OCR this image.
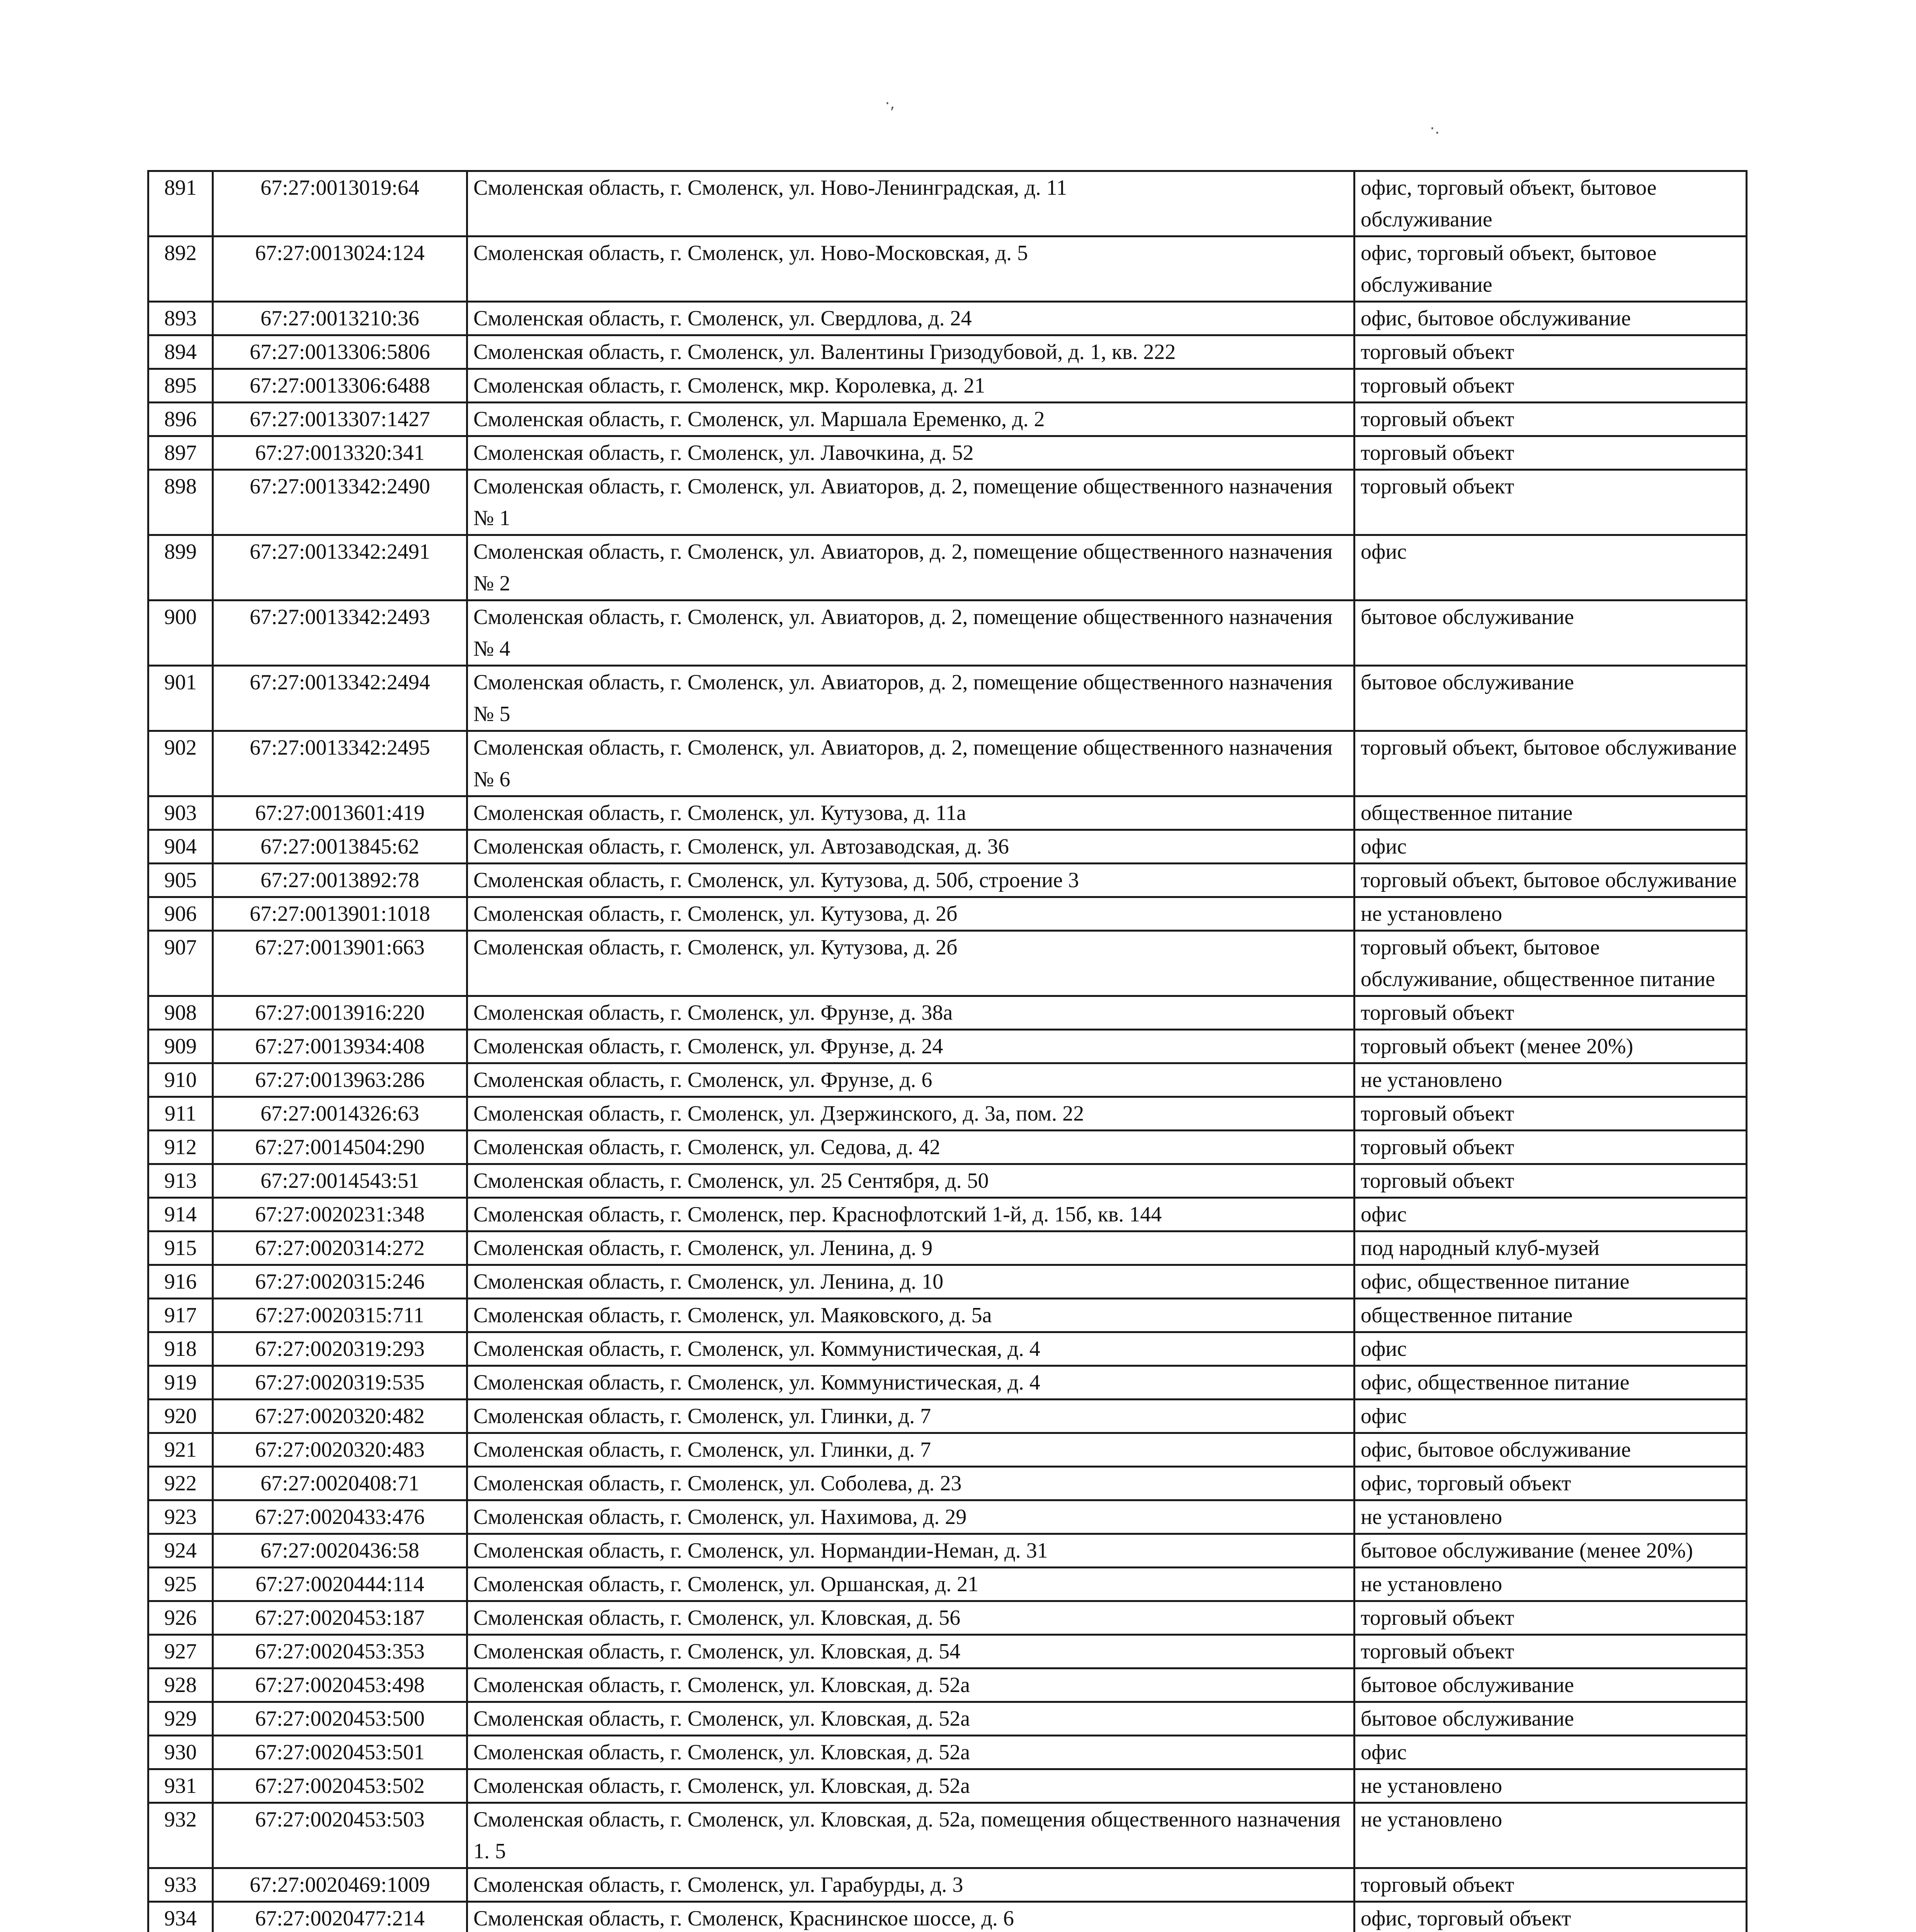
·,
·.
891	67:27:0013019:64	Смоленская область, г. Смоленск, ул. Ново-Ленинградская, д. 11	офис, торговый объект, бытовое обслуживание
892	67:27:0013024:124	Смоленская область, г. Смоленск, ул. Ново-Московская, д. 5	офис, торговый объект, бытовое обслуживание
893	67:27:0013210:36	Смоленская область, г. Смоленск, ул. Свердлова, д. 24	офис, бытовое обслуживание
894	67:27:0013306:5806	Смоленская область, г. Смоленск, ул. Валентины Гризодубовой, д. 1, кв. 222	торговый объект
895	67:27:0013306:6488	Смоленская область, г. Смоленск, мкр. Королевка, д. 21	торговый объект
896	67:27:0013307:1427	Смоленская область, г. Смоленск, ул. Маршала Еременко, д. 2	торговый объект
897	67:27:0013320:341	Смоленская область, г. Смоленск, ул. Лавочкина, д. 52	торговый объект
898	67:27:0013342:2490	Смоленская область, г. Смоленск, ул. Авиаторов, д. 2, помещение общественного назначения № 1	торговый объект
899	67:27:0013342:2491	Смоленская область, г. Смоленск, ул. Авиаторов, д. 2, помещение общественного назначения № 2	офис
900	67:27:0013342:2493	Смоленская область, г. Смоленск, ул. Авиаторов, д. 2, помещение общественного назначения № 4	бытовое обслуживание
901	67:27:0013342:2494	Смоленская область, г. Смоленск, ул. Авиаторов, д. 2, помещение общественного назначения № 5	бытовое обслуживание
902	67:27:0013342:2495	Смоленская область, г. Смоленск, ул. Авиаторов, д. 2, помещение общественного назначения № 6	торговый объект, бытовое обслуживание
903	67:27:0013601:419	Смоленская область, г. Смоленск, ул. Кутузова, д. 11а	общественное питание
904	67:27:0013845:62	Смоленская область, г. Смоленск, ул. Автозаводская, д. 36	офис
905	67:27:0013892:78	Смоленская область, г. Смоленск, ул. Кутузова, д. 50б, строение 3	торговый объект, бытовое обслуживание
906	67:27:0013901:1018	Смоленская область, г. Смоленск, ул. Кутузова, д. 2б	не установлено
907	67:27:0013901:663	Смоленская область, г. Смоленск, ул. Кутузова, д. 2б	торговый объект, бытовое обслуживание, общественное питание
908	67:27:0013916:220	Смоленская область, г. Смоленск, ул. Фрунзе, д. 38а	торговый объект
909	67:27:0013934:408	Смоленская область, г. Смоленск, ул. Фрунзе, д. 24	торговый объект (менее 20%)
910	67:27:0013963:286	Смоленская область, г. Смоленск, ул. Фрунзе, д. 6	не установлено
911	67:27:0014326:63	Смоленская область, г. Смоленск, ул. Дзержинского, д. 3а, пом. 22	торговый объект
912	67:27:0014504:290	Смоленская область, г. Смоленск, ул. Седова, д. 42	торговый объект
913	67:27:0014543:51	Смоленская область, г. Смоленск, ул. 25 Сентября, д. 50	торговый объект
914	67:27:0020231:348	Смоленская область, г. Смоленск, пер. Краснофлотский 1-й, д. 15б, кв. 144	офис
915	67:27:0020314:272	Смоленская область, г. Смоленск, ул. Ленина, д. 9	под народный клуб-музей
916	67:27:0020315:246	Смоленская область, г. Смоленск, ул. Ленина, д. 10	офис, общественное питание
917	67:27:0020315:711	Смоленская область, г. Смоленск, ул. Маяковского, д. 5а	общественное питание
918	67:27:0020319:293	Смоленская область, г. Смоленск, ул. Коммунистическая, д. 4	офис
919	67:27:0020319:535	Смоленская область, г. Смоленск, ул. Коммунистическая, д. 4	офис, общественное питание
920	67:27:0020320:482	Смоленская область, г. Смоленск, ул. Глинки, д. 7	офис
921	67:27:0020320:483	Смоленская область, г. Смоленск, ул. Глинки, д. 7	офис, бытовое обслуживание
922	67:27:0020408:71	Смоленская область, г. Смоленск, ул. Соболева, д. 23	офис, торговый объект
923	67:27:0020433:476	Смоленская область, г. Смоленск, ул. Нахимова, д. 29	не установлено
924	67:27:0020436:58	Смоленская область, г. Смоленск, ул. Нормандии-Неман, д. 31	бытовое обслуживание (менее 20%)
925	67:27:0020444:114	Смоленская область, г. Смоленск, ул. Оршанская, д. 21	не установлено
926	67:27:0020453:187	Смоленская область, г. Смоленск, ул. Кловская, д. 56	торговый объект
927	67:27:0020453:353	Смоленская область, г. Смоленск, ул. Кловская, д. 54	торговый объект
928	67:27:0020453:498	Смоленская область, г. Смоленск, ул. Кловская, д. 52а	бытовое обслуживание
929	67:27:0020453:500	Смоленская область, г. Смоленск, ул. Кловская, д. 52а	бытовое обслуживание
930	67:27:0020453:501	Смоленская область, г. Смоленск, ул. Кловская, д. 52а	офис
931	67:27:0020453:502	Смоленская область, г. Смоленск, ул. Кловская, д. 52а	не установлено
932	67:27:0020453:503	Смоленская область, г. Смоленск, ул. Кловская, д. 52а, помещения общественного назначения 1. 5	не установлено
933	67:27:0020469:1009	Смоленская область, г. Смоленск, ул. Гарабурды, д. 3	торговый объект
934	67:27:0020477:214	Смоленская область, г. Смоленск, Краснинское шоссе, д. 6	офис, торговый объект
